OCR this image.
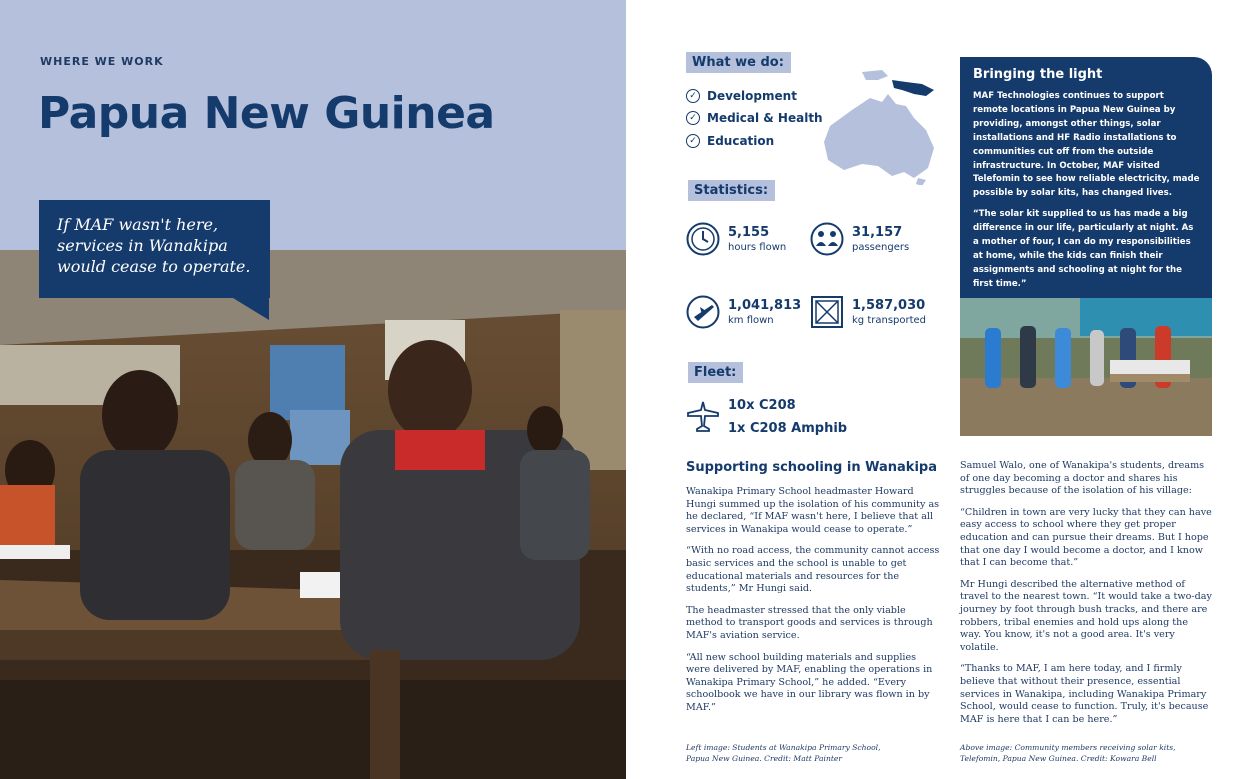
WHERE WE WORK
Papua New Guinea
If MAF wasn't here,
services in Wanakipa
would cease to operate.
What we do:
✓ Development
✓ Medical & Health
✓ Education
Statistics:
5,155
hours flown
31,157
passengers
1,041,813
km flown
1,587,030
kg transported
Fleet:
10x C208
1x C208 Amphib
Supporting schooling in Wanakipa

Wanakipa Primary School headmaster Howard Hungi summed up the isolation of his community as he declared, “If MAF wasn't here, I believe that all services in Wanakipa would cease to operate.”

“With no road access, the community cannot access basic services and the school is unable to get educational materials and resources for the students,” Mr Hungi said.

The headmaster stressed that the only viable method to transport goods and services is through MAF's aviation service.

“All new school building materials and supplies were delivered by MAF, enabling the operations in Wanakipa Primary School,” he added. “Every schoolbook we have in our library was flown in by MAF.”

Samuel Walo, one of Wanakipa's students, dreams of one day becoming a doctor and shares his struggles because of the isolation of his village:

“Children in town are very lucky that they can have easy access to school where they get proper education and can pursue their dreams. But I hope that one day I would become a doctor, and I know that I can become that.”

Mr Hungi described the alternative method of travel to the nearest town. “It would take a two-day journey by foot through bush tracks, and there are robbers, tribal enemies and hold ups along the way. You know, it's not a good area. It's very volatile.

“Thanks to MAF, I am here today, and I firmly believe that without their presence, essential services in Wanakipa, including Wanakipa Primary School, would cease to function. Truly, it's because MAF is here that I can be here.”

Left image: Students at Wanakipa Primary School,
Papua New Guinea. Credit: Matt Painter
Above image: Community members receiving solar kits,
Telefomin, Papua New Guinea. Credit: Kowara Bell
Bringing the light

MAF Technologies continues to support remote locations in Papua New Guinea by providing, amongst other things, solar installations and HF Radio installations to communities cut off from the outside infrastructure. In October, MAF visited Telefomin to see how reliable electricity, made possible by solar kits, has changed lives.

“The solar kit supplied to us has made a big difference in our life, particularly at night. As a mother of four, I can do my responsibilities at home, while the kids can finish their assignments and schooling at night for the first time.”
